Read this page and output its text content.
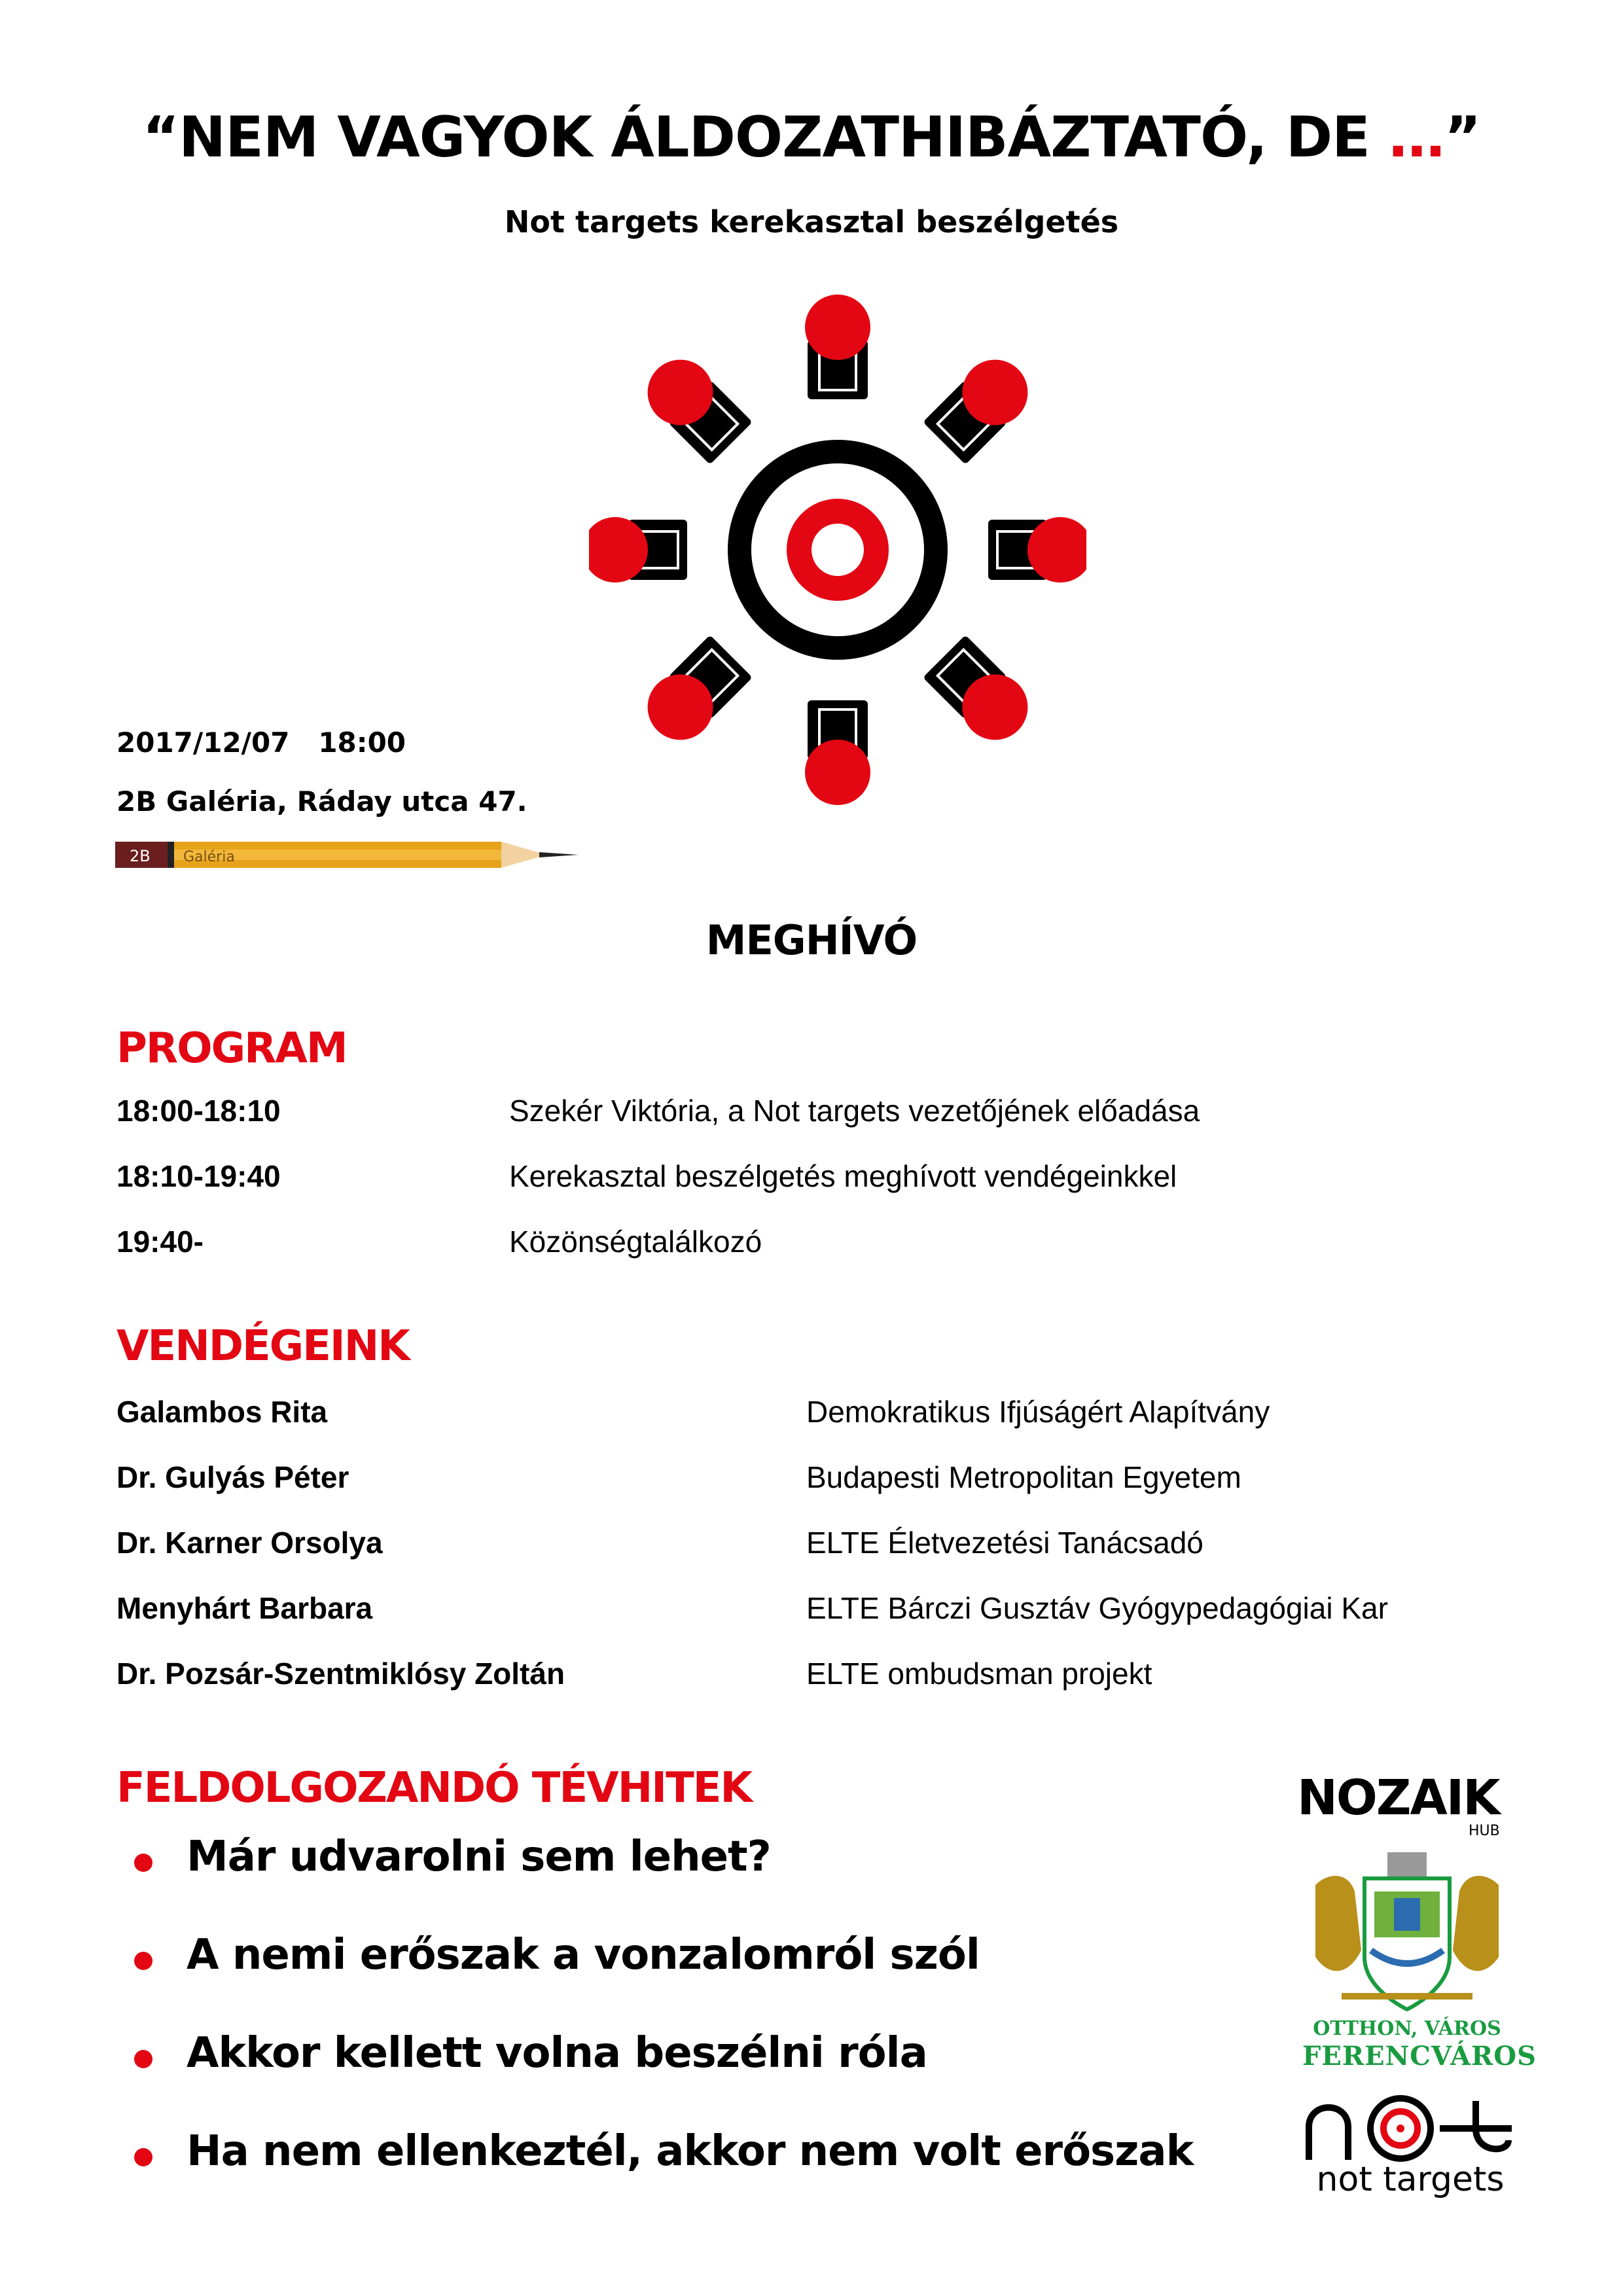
“NEM VAGYOK ÁLDOZATHIBÁZTATÓ, DE …”
Not targets kerekasztal beszélgetés
2017/12/07   18:00
2B Galéria, Ráday utca 47.
2B Galéria
MEGHÍVÓ
PROGRAM
18:00-18:10	Szekér Viktória, a Not targets vezetőjének előadása
18:10-19:40	Kerekasztal beszélgetés meghívott vendégeinkkel
19:40-	Közönségtalálkozó
VENDÉGEINK
Galambos Rita	Demokratikus Ifjúságért Alapítvány
Dr. Gulyás Péter	Budapesti Metropolitan Egyetem
Dr. Karner Orsolya	ELTE Életvezetési Tanácsadó
Menyhárt Barbara	ELTE Bárczi Gusztáv Gyógypedagógiai Kar
Dr. Pozsár-Szentmiklósy Zoltán	ELTE ombudsman projekt
FELDOLGOZANDÓ TÉVHITEK
Már udvarolni sem lehet?
A nemi erőszak a vonzalomról szól
Akkor kellett volna beszélni róla
Ha nem ellenkeztél, akkor nem volt erőszak
NOZAIK
HUB
OTTHON, VÁROS
FERENCVÁROS
not targets
